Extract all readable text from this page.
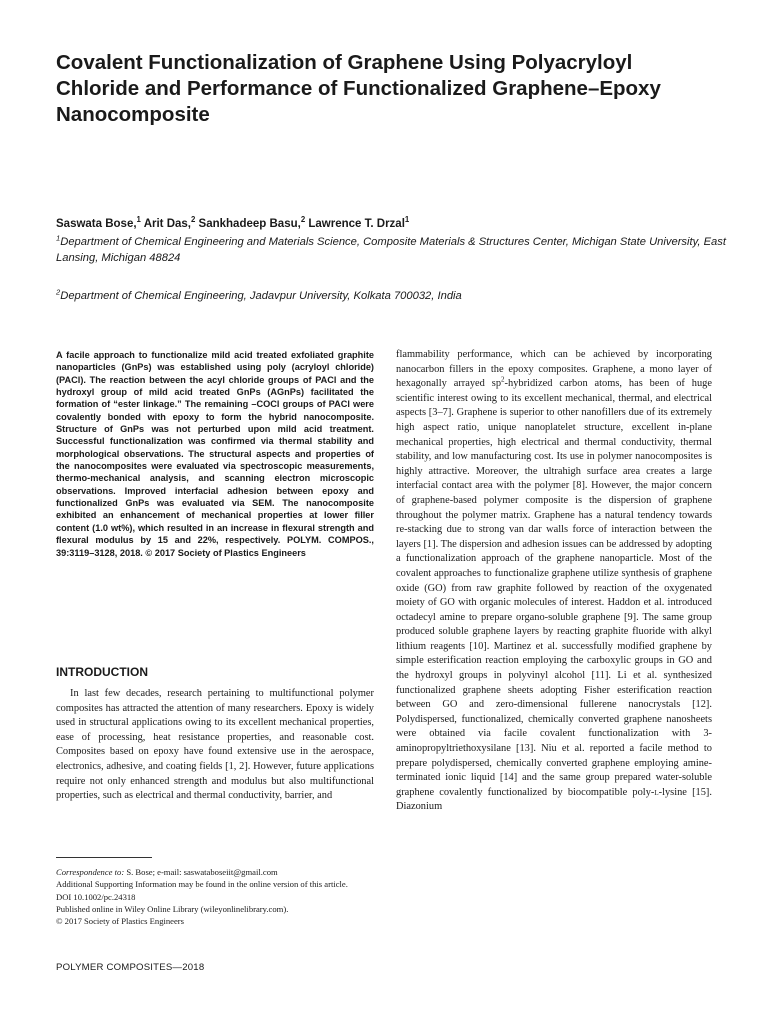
Covalent Functionalization of Graphene Using Polyacryloyl Chloride and Performance of Functionalized Graphene–Epoxy Nanocomposite
Saswata Bose,$^1$ Arit Das,$^2$ Sankhadeep Basu,$^2$ Lawrence T. Drzal$^1$
$^1$Department of Chemical Engineering and Materials Science, Composite Materials & Structures Center, Michigan State University, East Lansing, Michigan 48824
$^2$Department of Chemical Engineering, Jadavpur University, Kolkata 700032, India

A facile approach to functionalize mild acid treated exfoliated graphite nanoparticles (GnPs) was established using poly (acryloyl chloride) (PACl). The reaction between the acyl chloride groups of PACl and the hydroxyl group of mild acid treated GnPs (AGnPs) facilitated the formation of “ester linkage.” The remaining –COCl groups of PACl were covalently bonded with epoxy to form the hybrid nanocomposite. Structure of GnPs was not perturbed upon mild acid treatment. Successful functionalization was confirmed via thermal stability and morphological observations. The structural aspects and properties of the nanocomposites were evaluated via spectroscopic measurements, thermo-mechanical analysis, and scanning electron microscopic observations. Improved interfacial adhesion between epoxy and functionalized GnPs was evaluated via SEM. The nanocomposite exhibited an enhancement of mechanical properties at lower filler content (1.0 wt%), which resulted in an increase in flexural strength and flexural modulus by 15 and 22%, respectively. POLYM. COMPOS., 39:3119–3128, 2018. © 2017 Society of Plastics Engineers

INTRODUCTION

In last few decades, research pertaining to multifunctional polymer composites has attracted the attention of many researchers. Epoxy is widely used in structural applications owing to its excellent mechanical properties, ease of processing, heat resistance properties, and reasonable cost. Composites based on epoxy have found extensive use in the aerospace, electronics, adhesive, and coating fields [1, 2]. However, future applications require not only enhanced strength and modulus but also multifunctional properties, such as electrical and thermal conductivity, barrier, and

flammability performance, which can be achieved by incorporating nanocarbon fillers in the epoxy composites. Graphene, a mono layer of hexagonally arrayed $sp^2$-hybridized carbon atoms, has been of huge scientific interest owing to its excellent mechanical, thermal, and electrical aspects [3–7]. Graphene is superior to other nanofillers due of its extremely high aspect ratio, unique nanoplatelet structure, excellent in-plane mechanical properties, high electrical and thermal conductivity, thermal stability, and low manufacturing cost. Its use in polymer nanocomposites is highly attractive. Moreover, the ultrahigh surface area creates a large interfacial contact area with the polymer [8]. However, the major concern of graphene-based polymer composite is the dispersion of graphene throughout the polymer matrix. Graphene has a natural tendency towards re-stacking due to strong van dar walls force of interaction between the layers [1]. The dispersion and adhesion issues can be addressed by adopting a functionalization approach of the graphene nanoparticle. Most of the covalent approaches to functionalize graphene utilize synthesis of graphene oxide (GO) from raw graphite followed by reaction of the oxygenated moiety of GO with organic molecules of interest. Haddon et al. introduced octadecyl amine to prepare organo-soluble graphene [9]. The same group produced soluble graphene layers by reacting graphite fluoride with alkyl lithium reagents [10]. Martinez et al. successfully modified graphene by simple esterification reaction employing the carboxylic groups in GO and the hydroxyl groups in polyvinyl alcohol [11]. Li et al. synthesized functionalized graphene sheets adopting Fisher esterification reaction between GO and zero-dimensional fullerene nanocrystals [12]. Polydispersed, functionalized, chemically converted graphene nanosheets were obtained via facile covalent functionalization with 3-aminopropyltriethoxysilane [13]. Niu et al. reported a facile method to prepare polydispersed, chemically converted graphene employing amine-terminated ionic liquid [14] and the same group prepared water-soluble graphene covalently functionalized by biocompatible poly-l-lysine [15]. Diazonium

Correspondence to: S. Bose; e-mail: saswataboseiit@gmail.com
Additional Supporting Information may be found in the online version of this article.
DOI 10.1002/pc.24318
Published online in Wiley Online Library (wileyonlinelibrary.com).
© 2017 Society of Plastics Engineers
POLYMER COMPOSITES—2018
